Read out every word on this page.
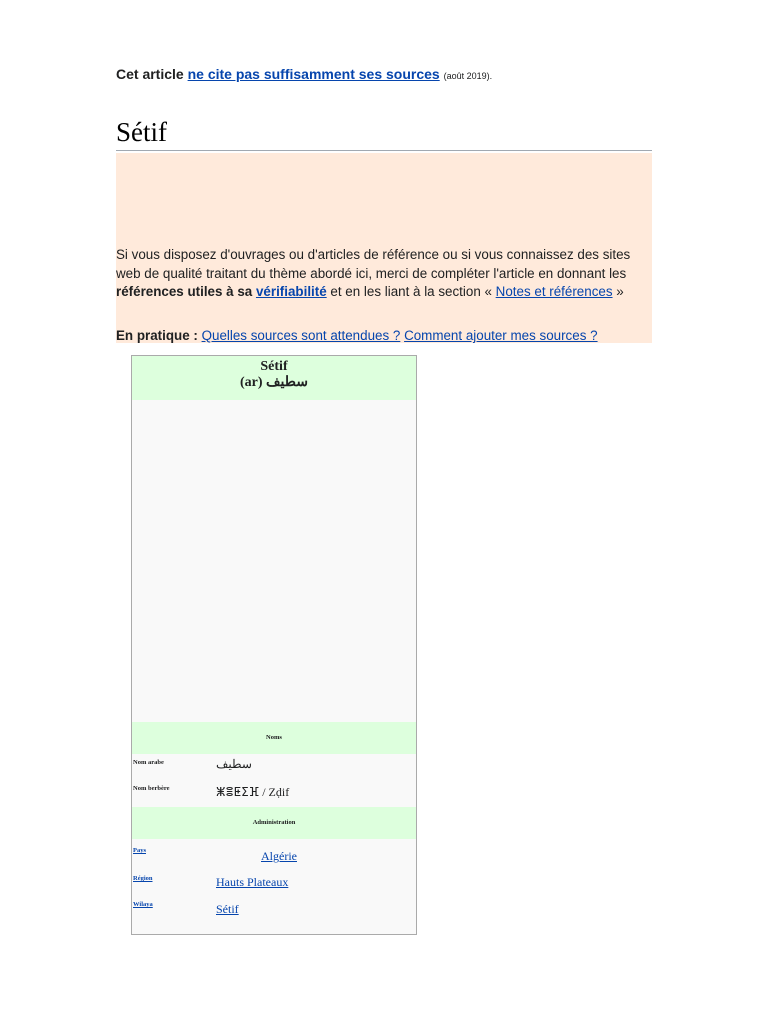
Sétif
Cet article ne cite pas suffisamment ses sources (août 2019).
Si vous disposez d'ouvrages ou d'articles de référence ou si vous connaissez des sites web de qualité traitant du thème abordé ici, merci de compléter l'article en donnant les références utiles à sa vérifiabilité et en les liant à la section « Notes et références »
En pratique : Quelles sources sont attendues ? Comment ajouter mes sources ?
Sétif
(ar) سطيف
Noms
Nom arabe	سطيف
Nom berbère	ⵥⴻⵟⵉⴼ / Zḍif
Administration
Pays	Algérie
Région	Hauts Plateaux
Wilaya	Sétif
